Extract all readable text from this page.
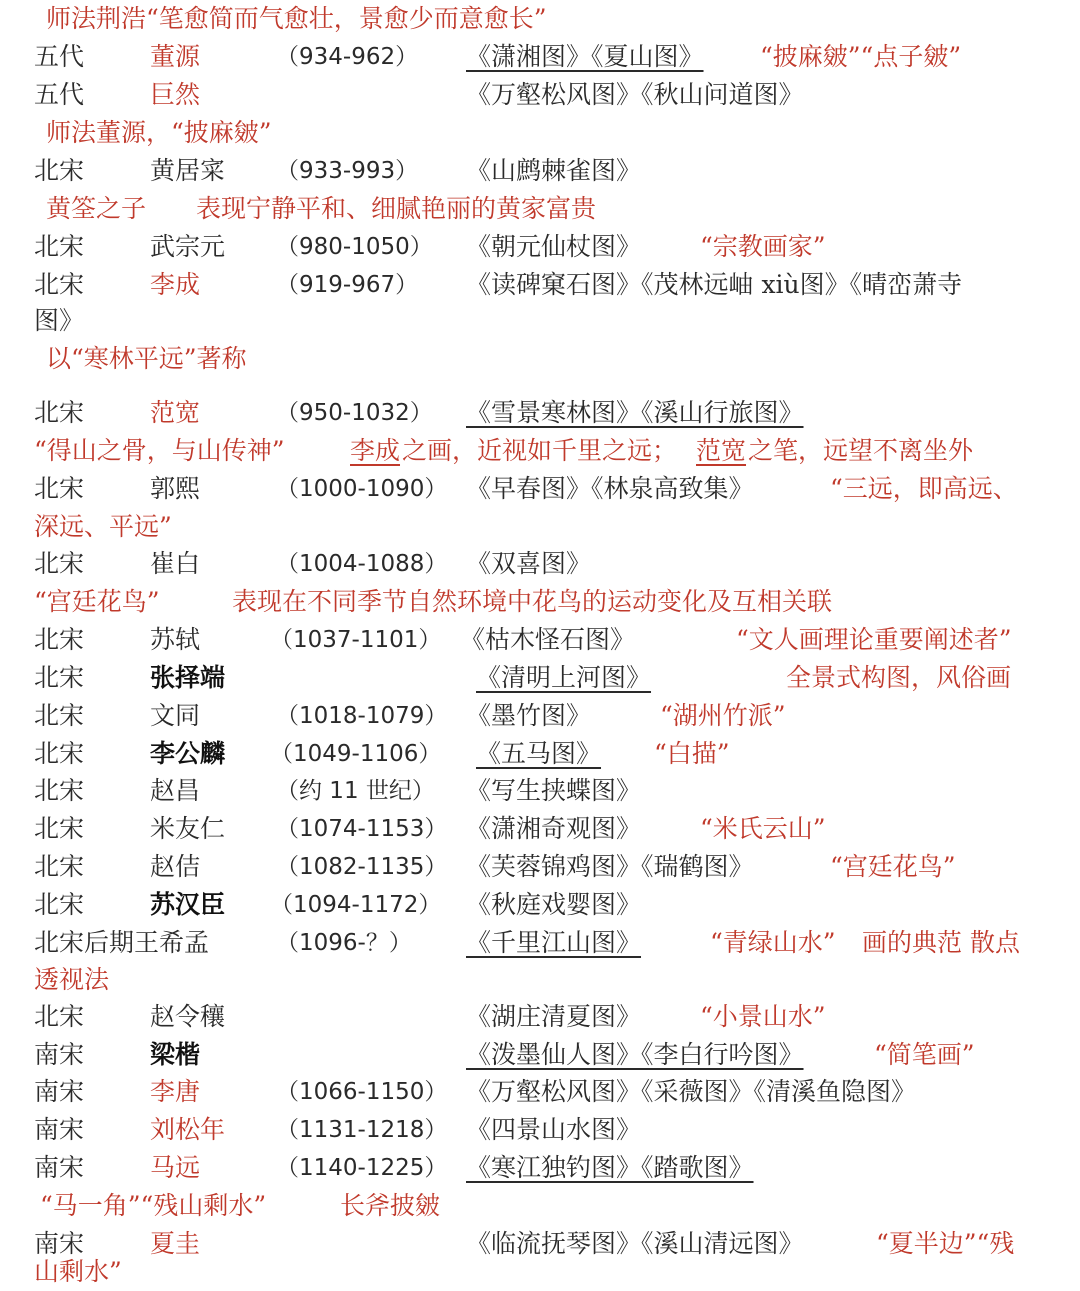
师法荆浩“笔愈简而气愈壮，景愈少而意愈长”
五代	董源	（934-962） 《潇湘图》《夏山图》 “披麻皴”“点子皴”
五代	巨然	《万壑松风图》《秋山问道图》
师法董源，“披麻皴”
北宋	黄居寀 （933-993） 《山鹧棘雀图》
黄筌之子 表现宁静平和、细腻艳丽的黄家富贵
北宋	武宗元 （980-1050） 《朝元仙杖图》 “宗教画家”
北宋	李成	（919-967） 《读碑窠石图》《茂林远岫 xiù图》《晴峦萧寺
图》
以“寒林平远”著称
北宋	范宽	（950-1032） 《雪景寒林图》《溪山行旅图》
“得山之骨，与山传神”	李成 之画，近视如千里之远； 范宽 之笔，远望不离坐外
北宋	郭熙	（1000-1090） 《早春图》《林泉高致集》	“三远，即高远、
深远、平远”
北宋	崔白	（1004-1088） 《双喜图》
“宫廷花鸟”	表现在不同季节自然环境中花鸟的运动变化及互相关联
北宋	苏轼	（1037-1101） 《枯木怪石图》	“文人画理论重要阐述者”
北宋	张择端	《清明上河图》	全景式构图，风俗画
北宋	文同	（1018-1079） 《墨竹图》	“湖州竹派”
北宋	李公麟 （1049-1106） 《五马图》 “白描”
北宋	赵昌	（约 11 世纪） 《写生挟蝶图》
北宋	米友仁 （1074-1153） 《潇湘奇观图》 “米氏云山”
北宋	赵佶	（1082-1135） 《芙蓉锦鸡图》《瑞鹤图》	“宫廷花鸟”
北宋	苏汉臣 （1094-1172） 《秋庭戏婴图》
北宋后期 王希孟	（1096-？） 《千里江山图》	“青绿山水” 画的典范 散点
透视法
北宋	赵令穰	《湖庄清夏图》 “小景山水”
南宋	梁楷	《泼墨仙人图》《李白行吟图》	“简笔画”
南宋	李唐	（1066-1150） 《万壑松风图》《采薇图》《清溪鱼隐图》
南宋	刘松年 （1131-1218） 《四景山水图》
南宋	马远	（1140-1225） 《寒江独钓图》《踏歌图》
“马一角”“残山剩水”	长斧披皴
南宋	夏圭	《临流抚琴图》《溪山清远图》	“夏半边”“残
山剩水”
